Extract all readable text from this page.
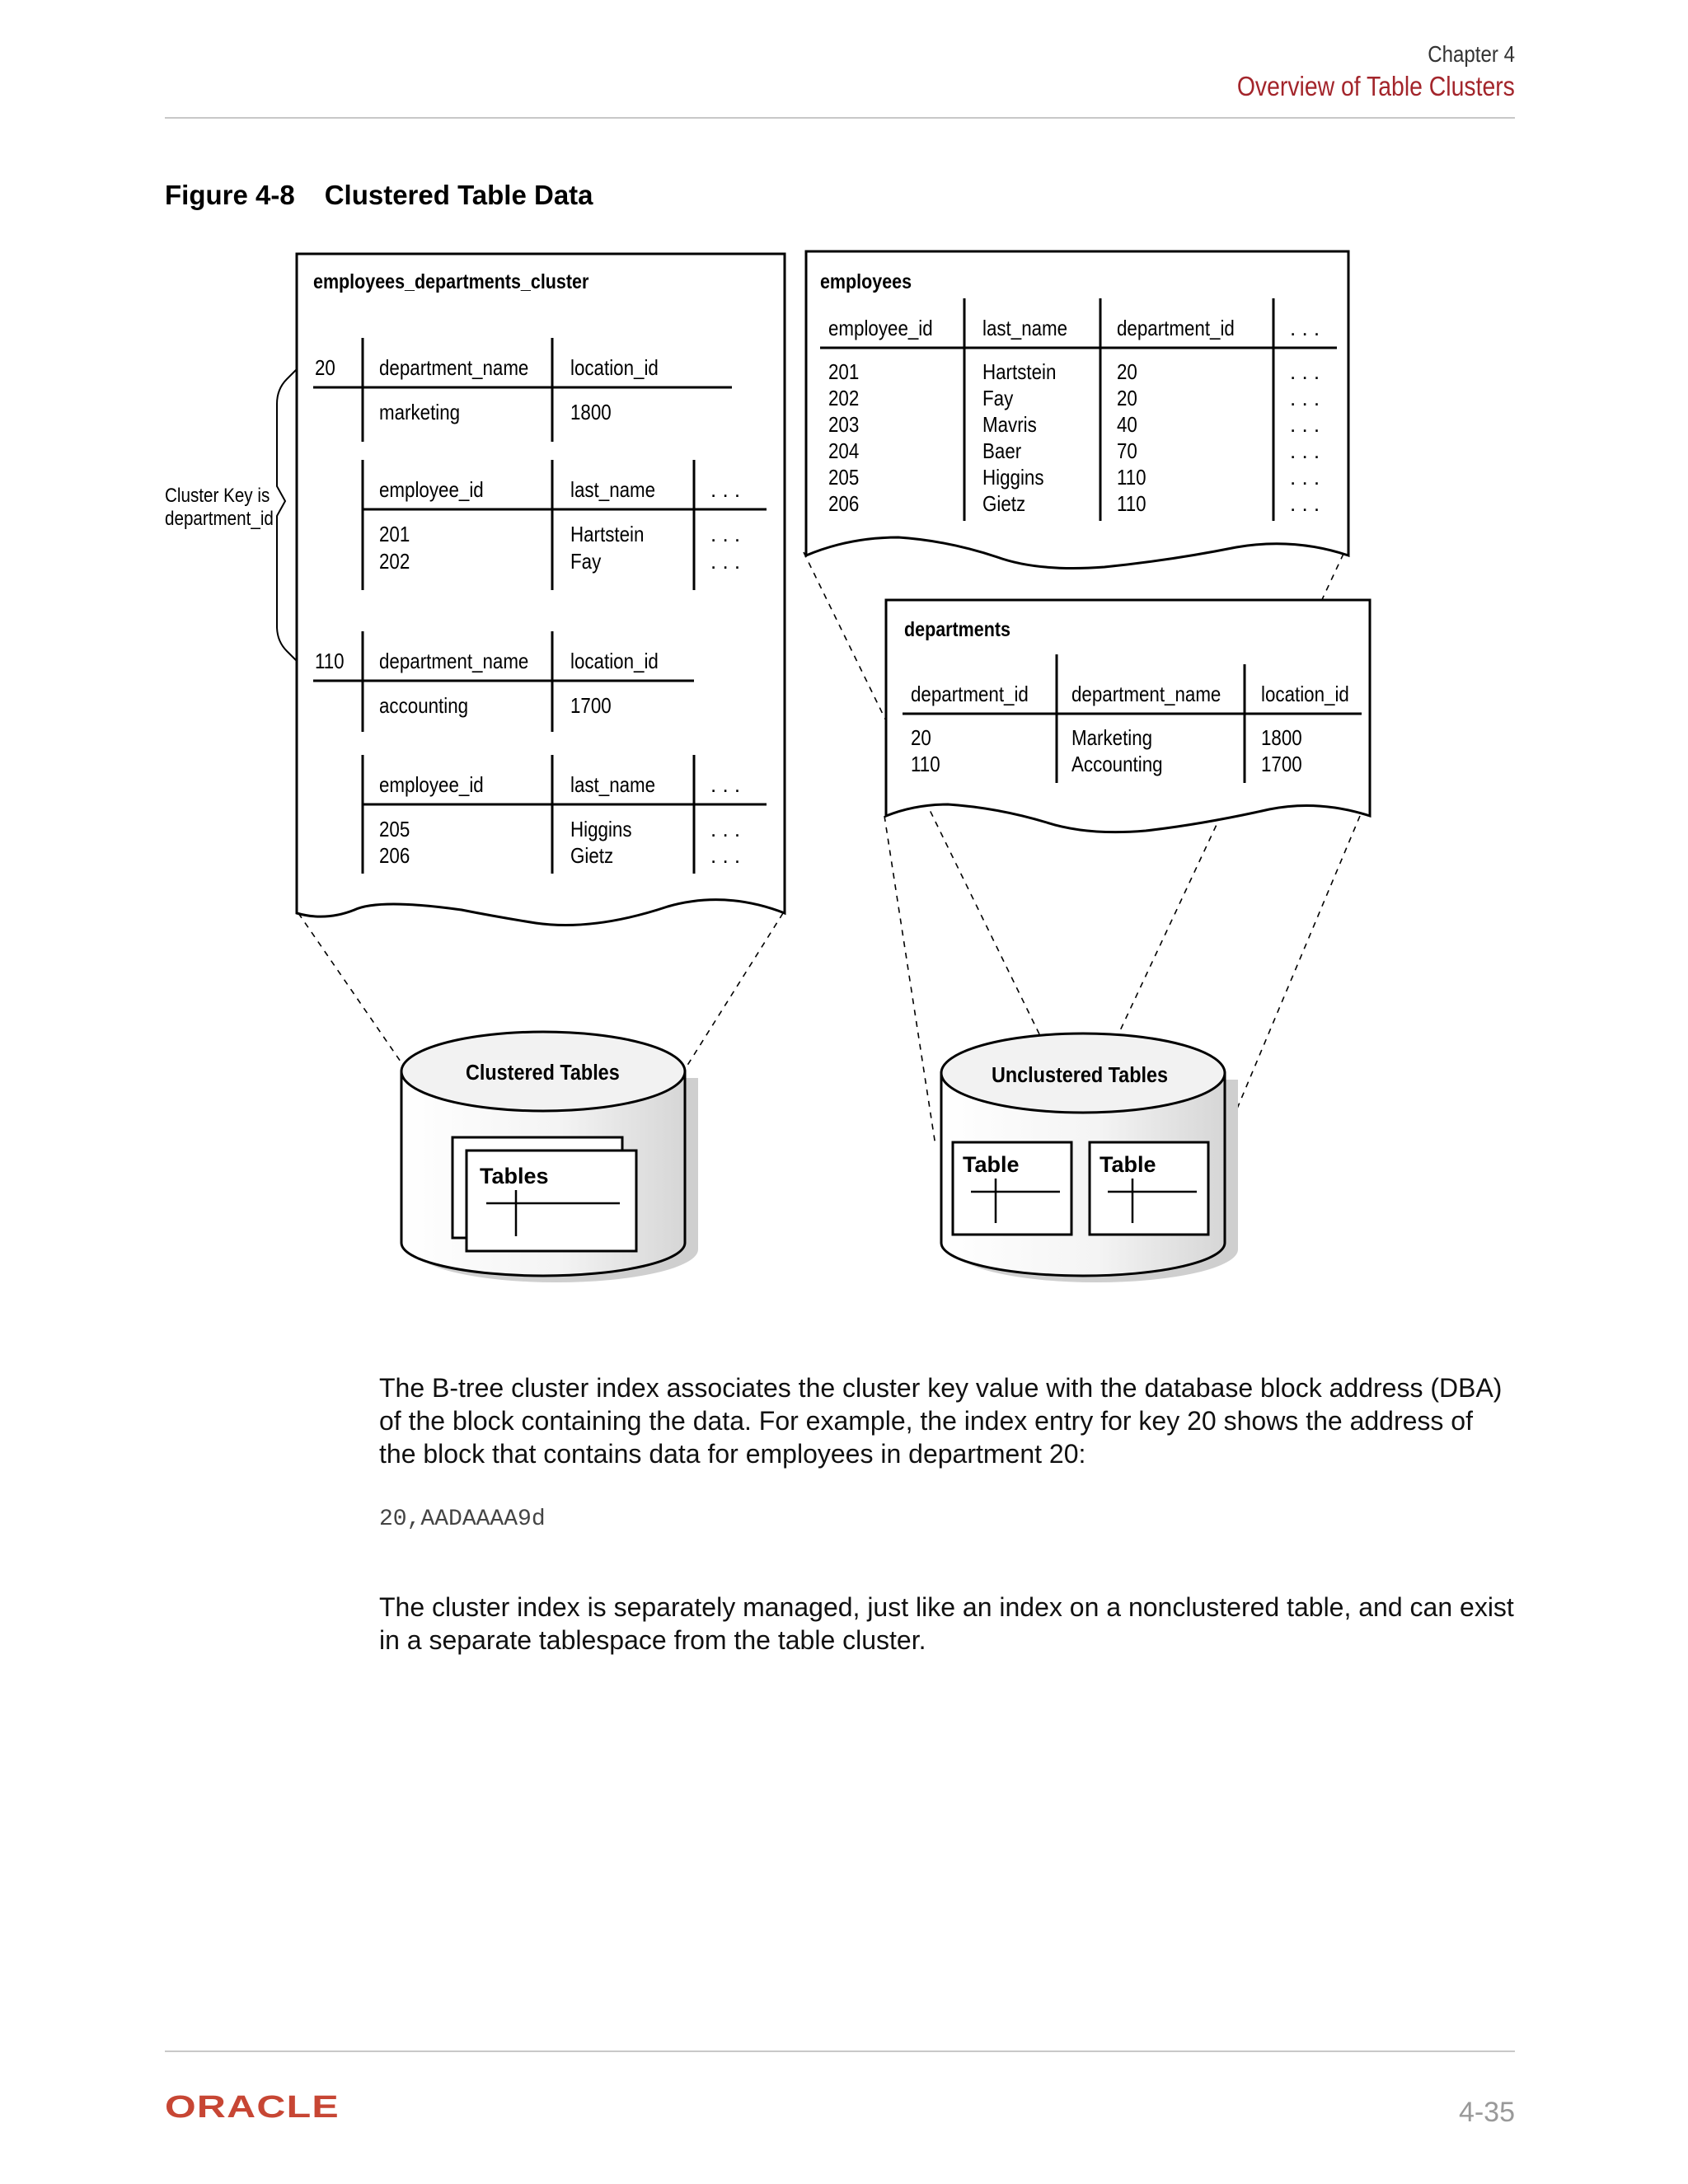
Chapter 4
Overview of Table Clusters
Figure 4-8 Clustered Table Data
Cluster Key is
department_id
employees_departments_cluster
20 department_name location_id
marketing	1800
employee_id	last_name	. . .
201	Hartstein	. . .
202	Fay	. . .
110 department_name location_id
accounting	1700
employee_id	last_name	. . .
205	Higgins	. . .
206	Gietz	. . .
employees
employee_id last_name department_id	. . .
201	Hartstein	20	. . .
202	Fay	20	. . .
203	Mavris	40	. . .
204	Baer	70	. . .
205	Higgins	110	. . .
206	Gietz	110	. . .
departments
department_id department_name location_id
20	Marketing	1800
110	Accounting	1700
Clustered Tables
Tables
Unclustered Tables
Table	Table
The B-tree cluster index associates the cluster key value with the database block address (DBA) of the block containing the data. For example, the index entry for key 20 shows the address of the block that contains data for employees in department 20:
20,AADAAAA9d
The cluster index is separately managed, just like an index on a nonclustered table, and can exist in a separate tablespace from the table cluster.
ORACLE	4-35
